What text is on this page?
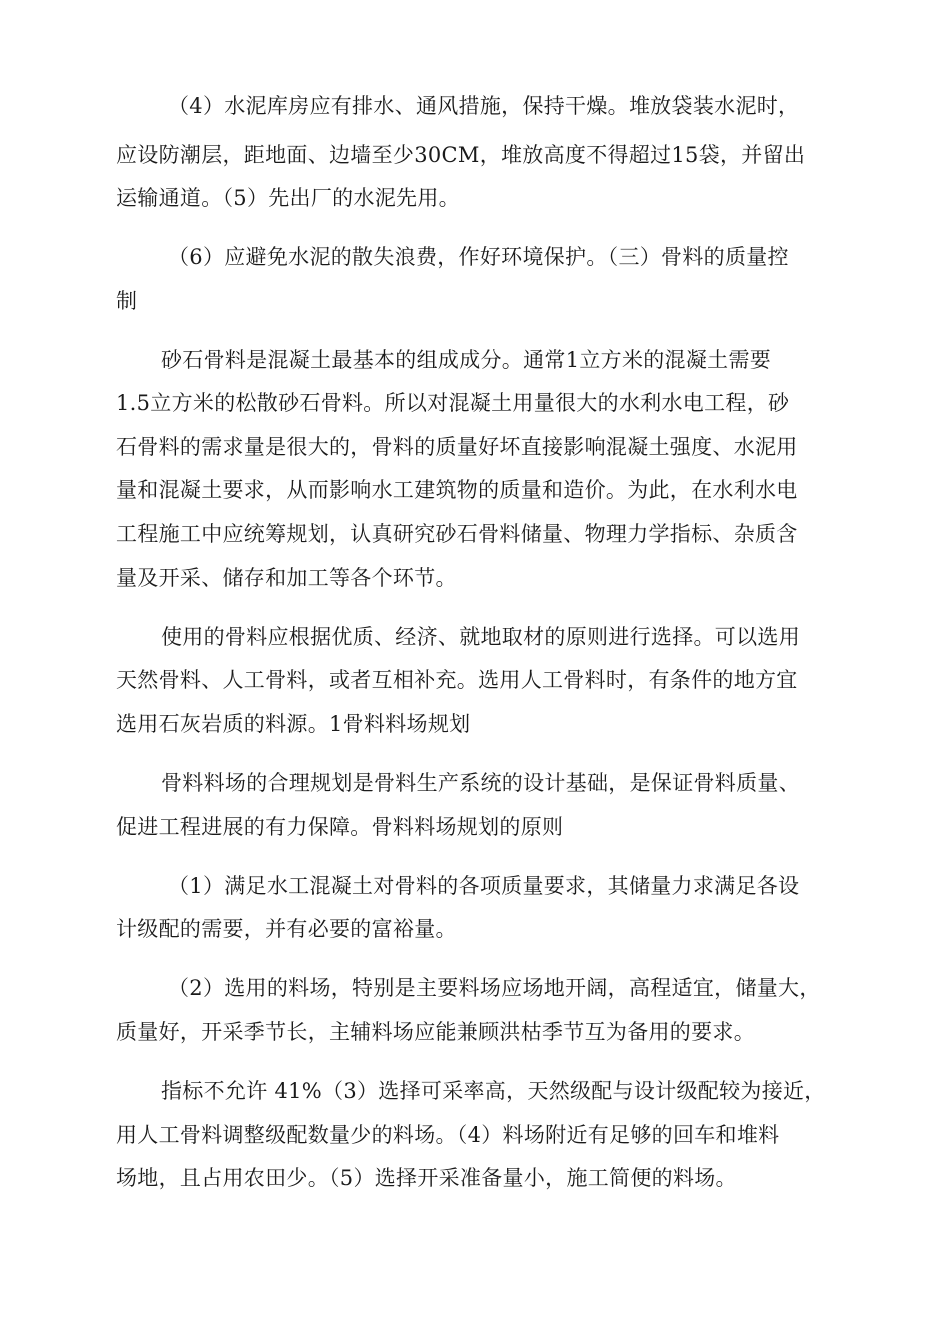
（4）水泥库房应有排水、通风措施，保持干燥。堆放袋装水泥时，

应设防潮层，距地面、边墙至少30CM，堆放高度不得超过15袋，并留出

运输通道。（5）先出厂的水泥先用。

（6）应避免水泥的散失浪费，作好环境保护。（三）骨料的质量控

制

砂石骨料是混凝土最基本的组成成分。通常1立方米的混凝土需要

1.5立方米的松散砂石骨料。所以对混凝土用量很大的水利水电工程，砂

石骨料的需求量是很大的，骨料的质量好坏直接影响混凝土强度、水泥用

量和混凝土要求，从而影响水工建筑物的质量和造价。为此，在水利水电

工程施工中应统筹规划，认真研究砂石骨料储量、物理力学指标、杂质含

量及开采、储存和加工等各个环节。

使用的骨料应根据优质、经济、就地取材的原则进行选择。可以选用

天然骨料、人工骨料，或者互相补充。选用人工骨料时，有条件的地方宜

选用石灰岩质的料源。1骨料料场规划

骨料料场的合理规划是骨料生产系统的设计基础，是保证骨料质量、

促进工程进展的有力保障。骨料料场规划的原则

（1）满足水工混凝土对骨料的各项质量要求，其储量力求满足各设

计级配的需要，并有必要的富裕量。

（2）选用的料场，特别是主要料场应场地开阔，高程适宜，储量大，

质量好，开采季节长，主辅料场应能兼顾洪枯季节互为备用的要求。

指标不允许 41%（3）选择可采率高，天然级配与设计级配较为接近，

用人工骨料调整级配数量少的料场。（4）料场附近有足够的回车和堆料

场地，且占用农田少。（5）选择开采准备量小，施工简便的料场。
